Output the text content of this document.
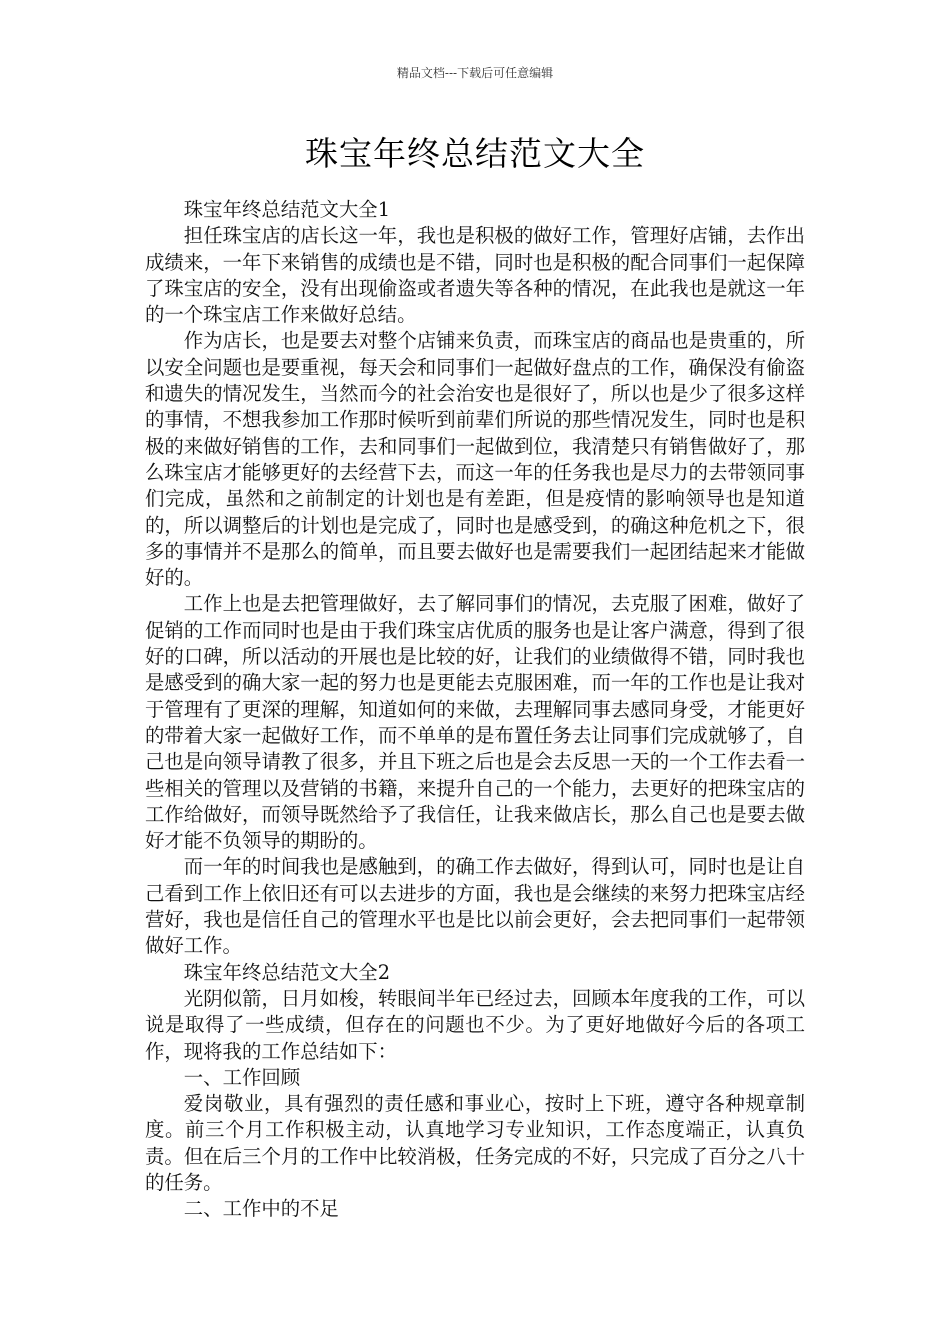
精品文档---下载后可任意编辑
珠宝年终总结范文大全

珠宝年终总结范文大全1

担任珠宝店的店长这一年，我也是积极的做好工作，管理好店铺，去作出成绩来，一年下来销售的成绩也是不错，同时也是积极的配合同事们一起保障了珠宝店的安全，没有出现偷盗或者遗失等各种的情况，在此我也是就这一年的一个珠宝店工作来做好总结。

作为店长，也是要去对整个店铺来负责，而珠宝店的商品也是贵重的，所以安全问题也是要重视，每天会和同事们一起做好盘点的工作，确保没有偷盗和遗失的情况发生，当然而今的社会治安也是很好了，所以也是少了很多这样的事情，不想我参加工作那时候听到前辈们所说的那些情况发生，同时也是积极的来做好销售的工作，去和同事们一起做到位，我清楚只有销售做好了，那么珠宝店才能够更好的去经营下去，而这一年的任务我也是尽力的去带领同事们完成，虽然和之前制定的计划也是有差距，但是疫情的影响领导也是知道的，所以调整后的计划也是完成了，同时也是感受到，的确这种危机之下，很多的事情并不是那么的简单，而且要去做好也是需要我们一起团结起来才能做好的。

工作上也是去把管理做好，去了解同事们的情况，去克服了困难，做好了促销的工作而同时也是由于我们珠宝店优质的服务也是让客户满意，得到了很好的口碑，所以活动的开展也是比较的好，让我们的业绩做得不错，同时我也是感受到的确大家一起的努力也是更能去克服困难，而一年的工作也是让我对于管理有了更深的理解，知道如何的来做，去理解同事去感同身受，才能更好的带着大家一起做好工作，而不单单的是布置任务去让同事们完成就够了，自己也是向领导请教了很多，并且下班之后也是会去反思一天的一个工作去看一些相关的管理以及营销的书籍，来提升自己的一个能力，去更好的把珠宝店的工作给做好，而领导既然给予了我信任，让我来做店长，那么自己也是要去做好才能不负领导的期盼的。

而一年的时间我也是感触到，的确工作去做好，得到认可，同时也是让自己看到工作上依旧还有可以去进步的方面，我也是会继续的来努力把珠宝店经营好，我也是信任自己的管理水平也是比以前会更好，会去把同事们一起带领做好工作。

珠宝年终总结范文大全2

光阴似箭，日月如梭，转眼间半年已经过去，回顾本年度我的工作，可以说是取得了一些成绩，但存在的问题也不少。为了更好地做好今后的各项工作，现将我的工作总结如下：

一、工作回顾

爱岗敬业，具有强烈的责任感和事业心，按时上下班，遵守各种规章制度。前三个月工作积极主动，认真地学习专业知识，工作态度端正，认真负责。但在后三个月的工作中比较消极，任务完成的不好，只完成了百分之八十的任务。

二、工作中的不足
